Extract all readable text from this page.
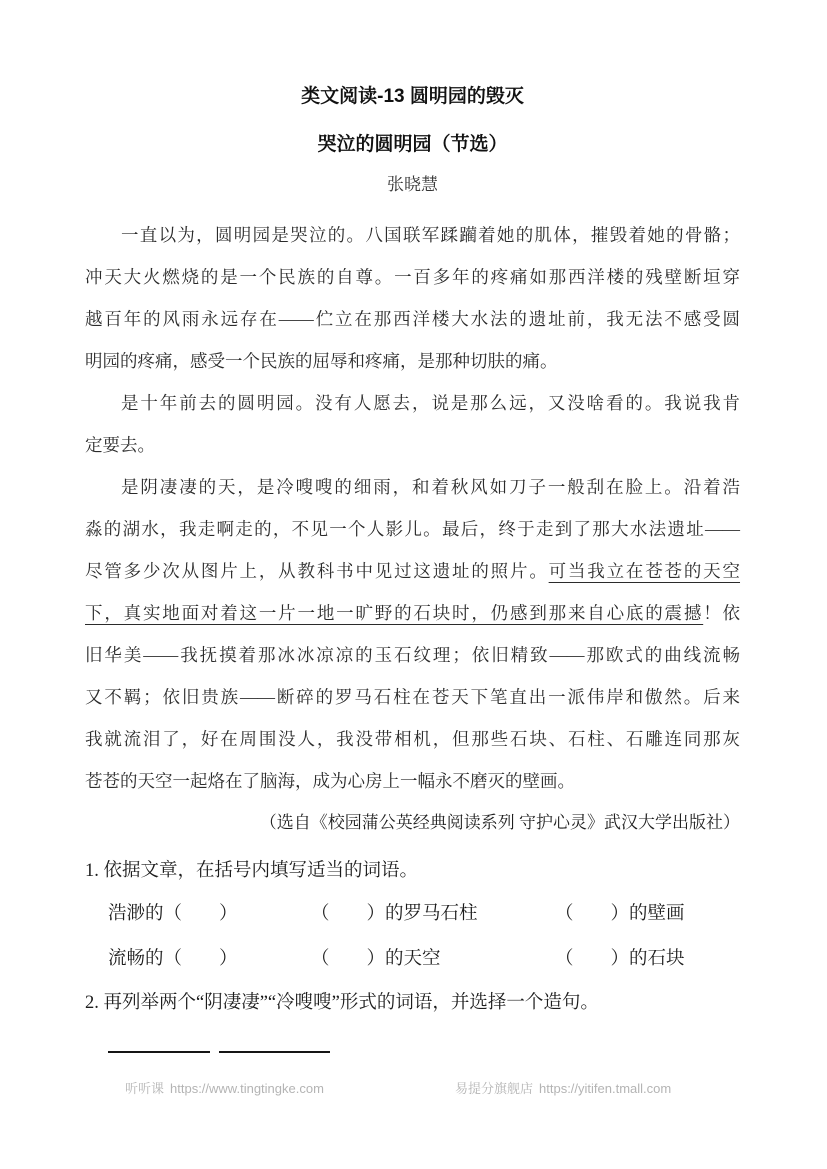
类文阅读-13 圆明园的毁灭
哭泣的圆明园（节选）
张晓慧
一直以为，圆明园是哭泣的。八国联军蹂躏着她的肌体，摧毁着她的骨骼；
冲天大火燃烧的是一个民族的自尊。一百多年的疼痛如那西洋楼的残壁断垣穿
越百年的风雨永远存在——伫立在那西洋楼大水法的遗址前，我无法不感受圆
明园的疼痛，感受一个民族的屈辱和疼痛，是那种切肤的痛。
是十年前去的圆明园。没有人愿去，说是那么远，又没啥看的。我说我肯
定要去。
是阴凄凄的天，是冷嗖嗖的细雨，和着秋风如刀子一般刮在脸上。沿着浩
淼的湖水，我走啊走的，不见一个人影儿。最后，终于走到了那大水法遗址——
尽管多少次从图片上，从教科书中见过这遗址的照片。可当我立在苍苍的天空
下，真实地面对着这一片一地一旷野的石块时，仍感到那来自心底的震撼！依
旧华美——我抚摸着那冰冰凉凉的玉石纹理；依旧精致——那欧式的曲线流畅
又不羁；依旧贵族——断碎的罗马石柱在苍天下笔直出一派伟岸和傲然。后来
我就流泪了，好在周围没人，我没带相机，但那些石块、石柱、石雕连同那灰
苍苍的天空一起烙在了脑海，成为心房上一幅永不磨灭的壁画。
（选自《校园蒲公英经典阅读系列 守护心灵》武汉大学出版社）
1. 依据文章，在括号内填写适当的词语。
浩渺的（　　）	（　　）的罗马石柱	（　　）的壁画
流畅的（　　）	（　　）的天空	（　　）的石块
2. 再列举两个“阴凄凄”“冷嗖嗖”形式的词语，并选择一个造句。
听听课 https://www.tingtingke.com	易提分旗舰店 https://yitifen.tmall.com
